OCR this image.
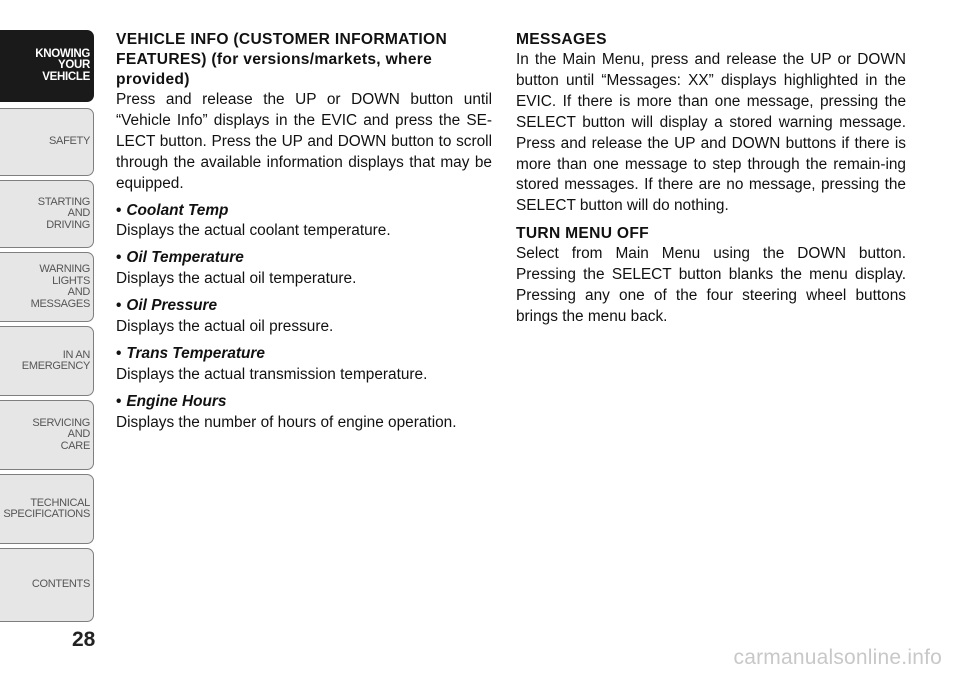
KNOWING
YOUR
VEHICLE
SAFETY
STARTING
AND
DRIVING
WARNING
LIGHTS
AND
MESSAGES
IN AN
EMERGENCY
SERVICING
AND
CARE
TECHNICAL
SPECIFICATIONS
CONTENTS
28
VEHICLE INFO (CUSTOMER INFORMATION FEATURES) (for versions/markets, where provided)

Press and release the UP or DOWN button until “Vehicle Info” displays in the EVIC and press the SE-LECT button. Press the UP and DOWN button to scroll through the available information displays that may be equipped.

• Coolant Temp

Displays the actual coolant temperature.

• Oil Temperature

Displays the actual oil temperature.

• Oil Pressure

Displays the actual oil pressure.

• Trans Temperature

Displays the actual transmission temperature.

• Engine Hours

Displays the number of hours of engine operation.

MESSAGES

In the Main Menu, press and release the UP or DOWN button until “Messages: XX” displays highlighted in the EVIC. If there is more than one message, pressing the SELECT button will display a stored warning message. Press and release the UP and DOWN buttons if there is more than one message to step through the remain-ing stored messages. If there are no message, pressing the SELECT button will do nothing.

TURN MENU OFF

Select from Main Menu using the DOWN button. Pressing the SELECT button blanks the menu display. Pressing any one of the four steering wheel buttons brings the menu back.

carmanualsonline.info
